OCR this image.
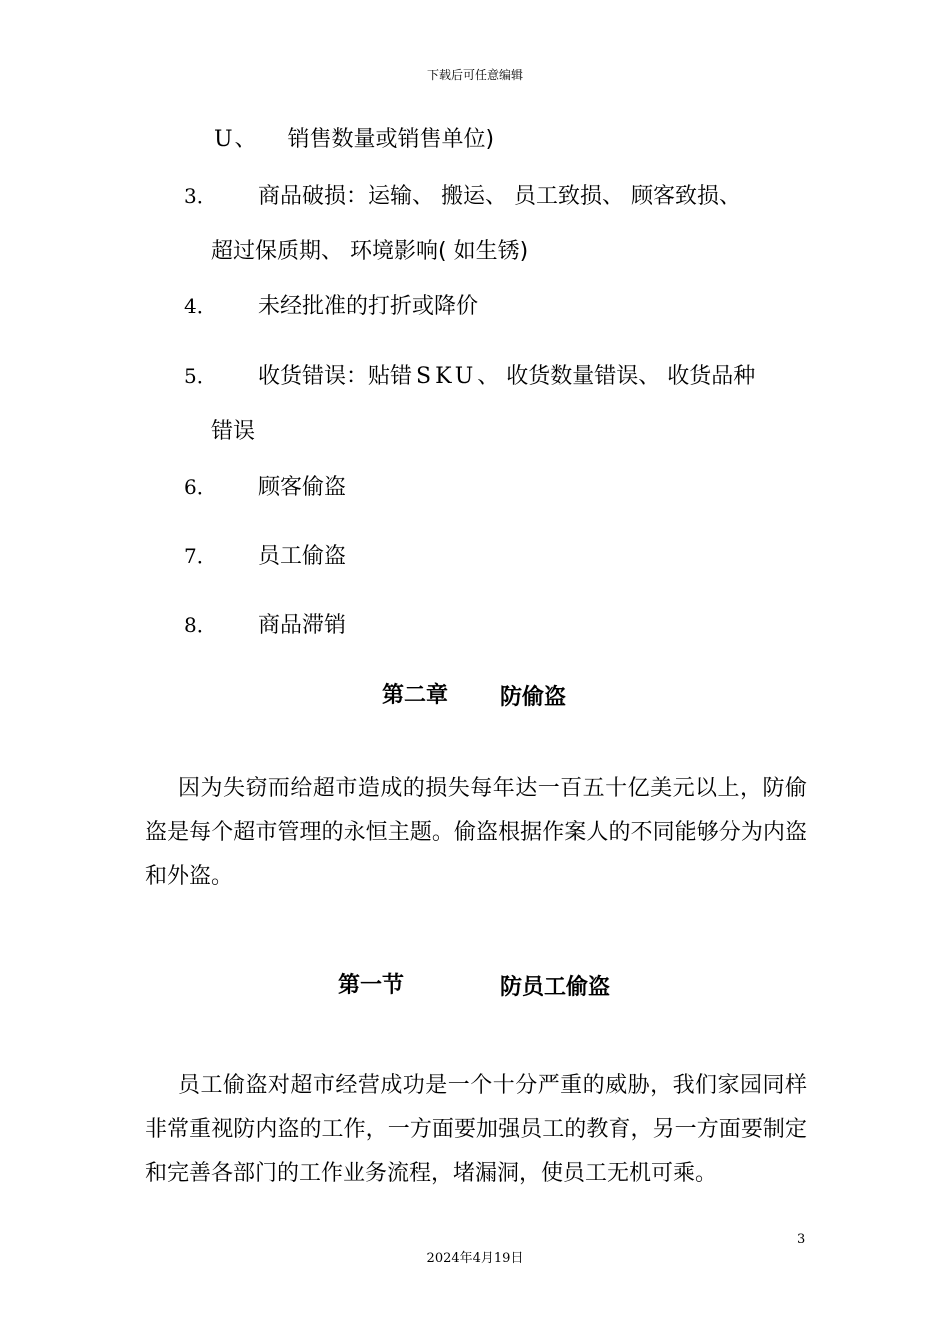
下载后可任意编辑
U、 销售数量或销售单位)
3． 商品破损：运输、 搬运、 员工致损、 顾客致损、
超过保质期、 环境影响( 如生锈)
4． 未经批准的打折或降价
5． 收货错误：贴错 SKU、 收货数量错误、 收货品种
错误
6． 顾客偷盗
7． 员工偷盗
8． 商品滞销
第二章 防偷盗
因为失窃而给超市造成的损失每年达一百五十亿美元以上，防偷盗是每个超市管理的永恒主题。偷盗根据作案人的不同能够分为内盗和外盗。
第一节	防员工偷盗
员工偷盗对超市经营成功是一个十分严重的威胁，我们家园同样非常重视防内盗的工作，一方面要加强员工的教育，另一方面要制定和完善各部门的工作业务流程，堵漏洞，使员工无机可乘。
3
2024年4月19日
